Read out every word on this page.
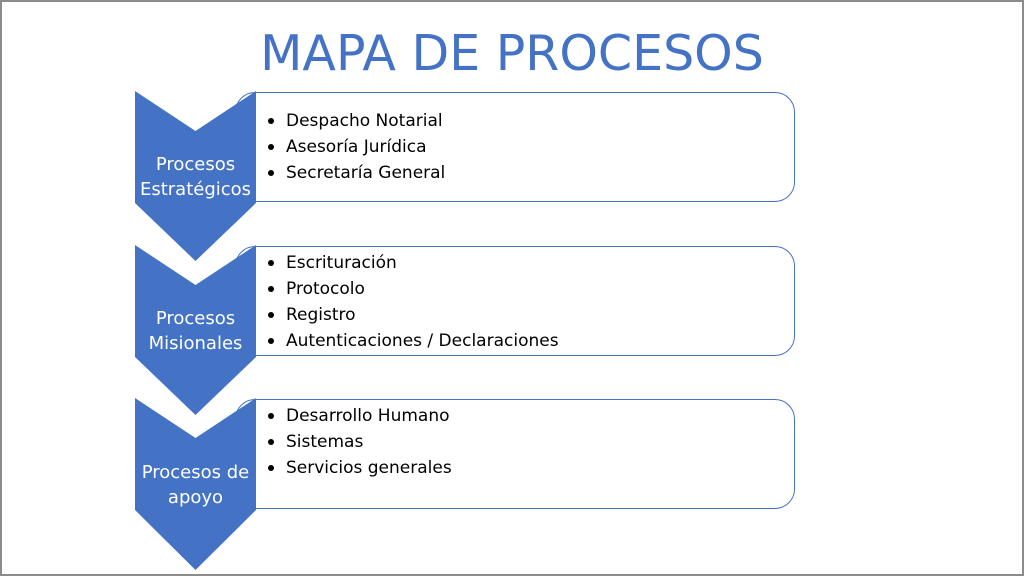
MAPA DE PROCESOS
Despacho Notarial
Asesoría Jurídica
Secretaría General
Procesos
Estratégicos
Escrituración
Protocolo
Registro
Autenticaciones / Declaraciones
Procesos
Misionales
Desarrollo Humano
Sistemas
Servicios generales
Procesos de
apoyo
